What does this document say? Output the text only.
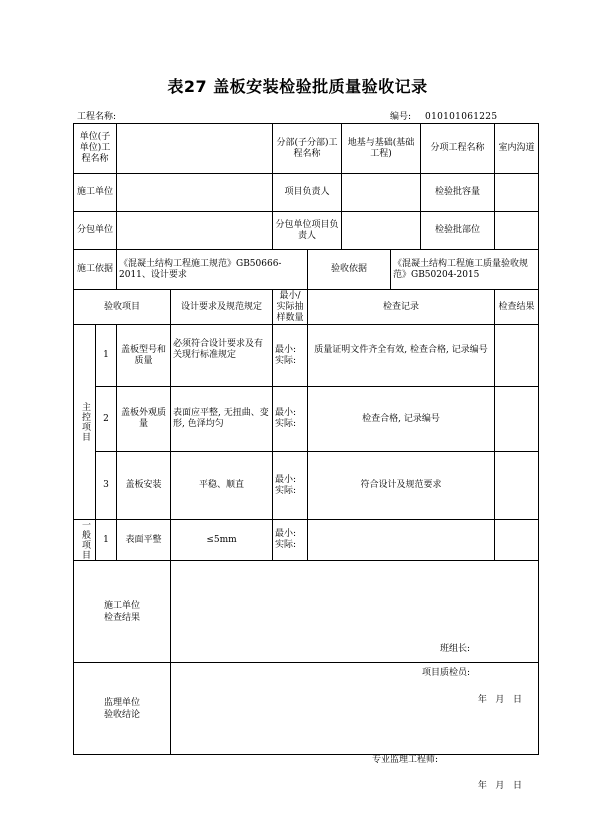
表27 盖板安装检验批质量验收记录
工程名称:	编号: 010101061225
单位(子单位)工程名称				分部(子分部)工程名称		地基与基础(基础工程)		分项工程名称	室内沟道
施工单位				项目负责人				检验批容量	
分包单位				分包单位项目负责人				检验批部位	
施工依据		《混凝土结构工程施工规范》GB50666-2011、设计要求			验收依据		《混凝土结构工程施工质量验收规范》GB50204-2015		
验收项目			设计要求及规范规定	最小/实际抽样数量	检查记录				检查结果

主控项目	1	盖板型号和质量	必须符合设计要求及有关现行标准规定	最小:
实际:	质量证明文件齐全有效, 检查合格, 记录编号				
	2	盖板外观质量	表面应平整, 无扭曲、变形, 色泽均匀	最小:
实际:	检查合格, 记录编号				
	3	盖板安装	平稳、顺直	最小:
实际:	符合设计及规范要求				

一般项目	1	表面平整	≤5mm	最小:
实际:					

施工单位检查结果			班组长:
项目质检员:
年   月   日						

监理单位验收结论			专业监理工程师:
年   月   日						
